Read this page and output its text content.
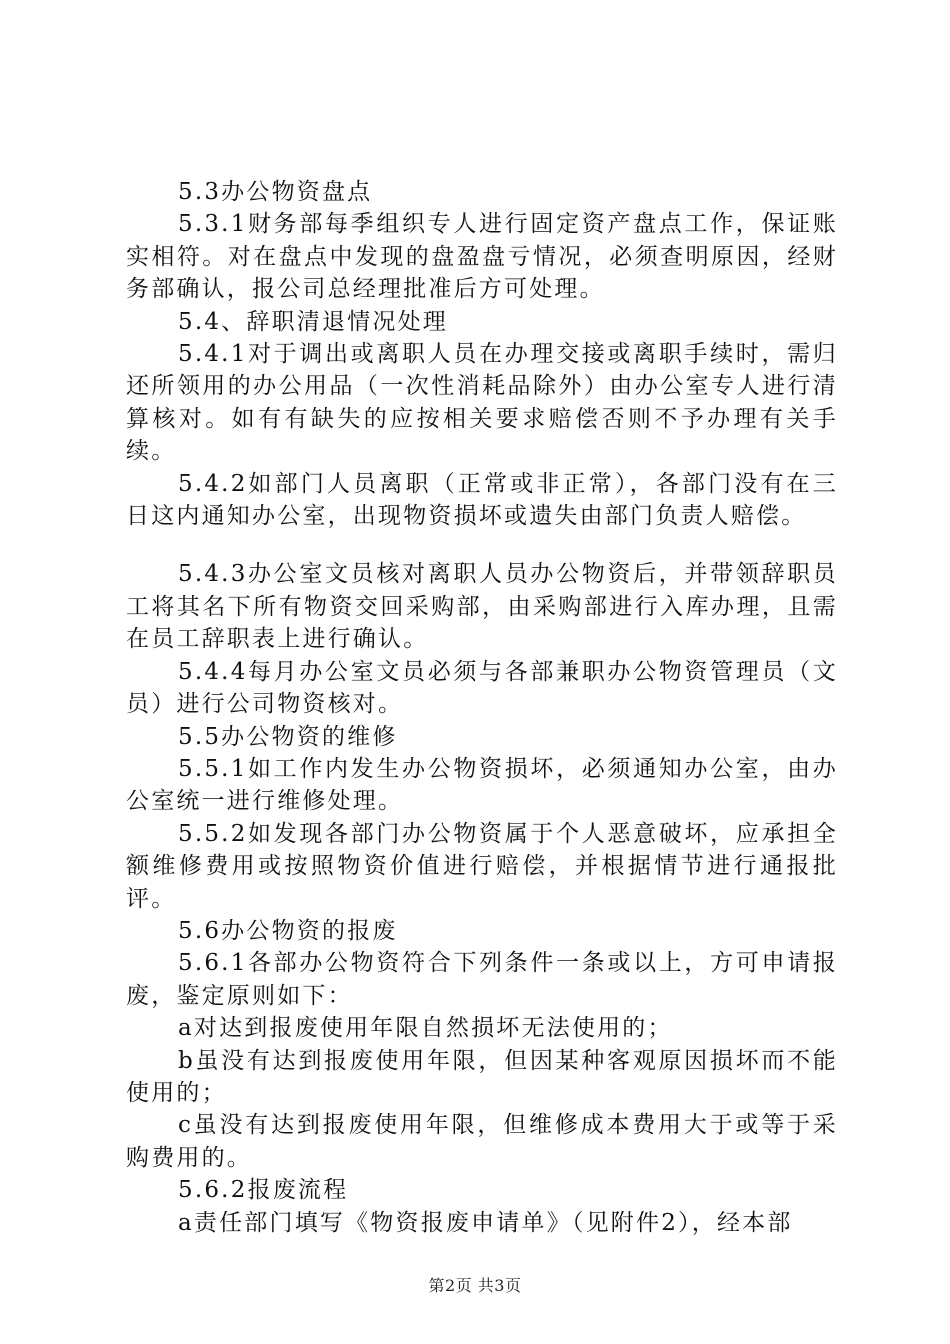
5.3办公物资盘点

5.3.1财务部每季组织专人进行固定资产盘点工作，保证账实相符。对在盘点中发现的盘盈盘亏情况，必须查明原因，经财务部确认，报公司总经理批准后方可处理。

5.4、辞职清退情况处理

5.4.1对于调出或离职人员在办理交接或离职手续时，需归还所领用的办公用品（一次性消耗品除外）由办公室专人进行清算核对。如有有缺失的应按相关要求赔偿否则不予办理有关手续。

5.4.2如部门人员离职（正常或非正常），各部门没有在三日这内通知办公室，出现物资损坏或遗失由部门负责人赔偿。

5.4.3办公室文员核对离职人员办公物资后，并带领辞职员工将其名下所有物资交回采购部，由采购部进行入库办理，且需在员工辞职表上进行确认。

5.4.4每月办公室文员必须与各部兼职办公物资管理员（文员）进行公司物资核对。

5.5办公物资的维修

5.5.1如工作内发生办公物资损坏，必须通知办公室，由办公室统一进行维修处理。

5.5.2如发现各部门办公物资属于个人恶意破坏，应承担全额维修费用或按照物资价值进行赔偿，并根据情节进行通报批评。

5.6办公物资的报废

5.6.1各部办公物资符合下列条件一条或以上，方可申请报废，鉴定原则如下：

a对达到报废使用年限自然损坏无法使用的；

b虽没有达到报废使用年限，但因某种客观原因损坏而不能使用的；

c虽没有达到报废使用年限，但维修成本费用大于或等于采购费用的。

5.6.2报废流程

a责任部门填写《物资报废申请单》（见附件2），经本部

第2页 共3页
